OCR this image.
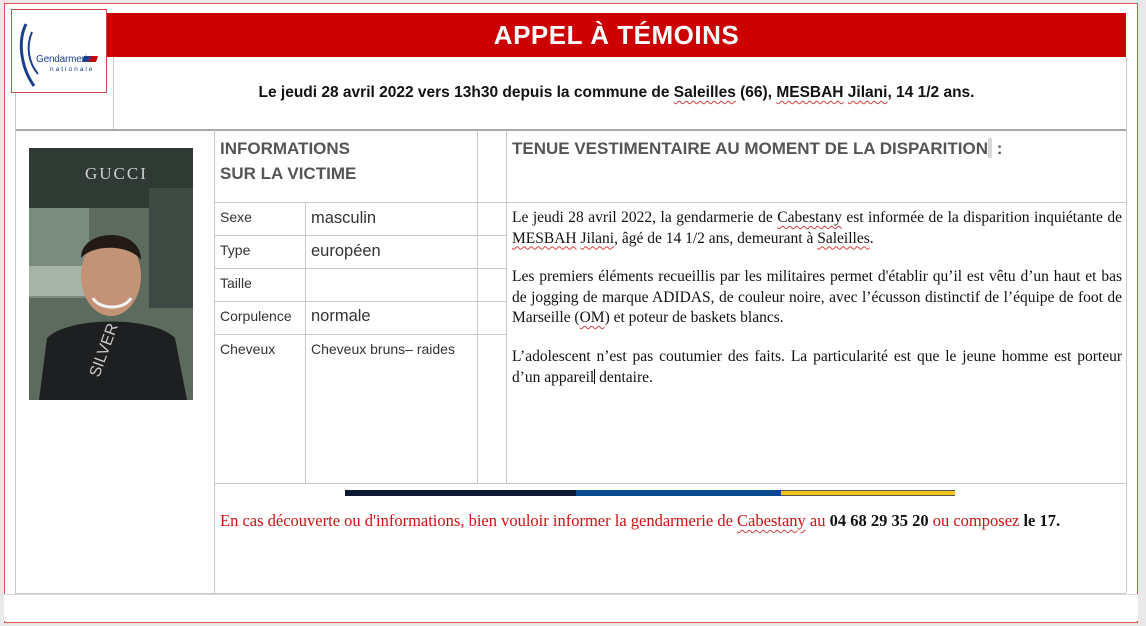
Gendarmerie
nationale
APPEL À TÉMOINS
Le jeudi 28 avril 2022 vers 13h30 depuis la commune de Saleilles (66), MESBAH Jilani, 14 1/2 ans.
SILVER
GUCCI
INFORMATIONS
SUR LA VICTIME
Sexe	masculin
Type	européen
Taille
Corpulence normale
Cheveux	Cheveux bruns– raides
TENUE VESTIMENTAIRE AU MOMENT DE LA DISPARITION :
Le jeudi 28 avril 2022, la gendarmerie de Cabestany est informée de la disparition inquiétante de MESBAH Jilani, âgé de 14 1/2 ans, demeurant à Saleilles.
Les premiers éléments recueillis par les militaires permet d'établir qu’il est vêtu d’un haut et bas de jogging de marque ADIDAS, de couleur noire, avec l’écusson distinctif de l’équipe de foot de Marseille (OM) et poteur de baskets blancs.
L’adolescent n’est pas coutumier des faits. La particularité est que le jeune homme est porteur d’un appareil dentaire.
En cas découverte ou d'informations, bien vouloir informer la gendarmerie de Cabestany au 04 68 29 35 20 ou composez le 17.
